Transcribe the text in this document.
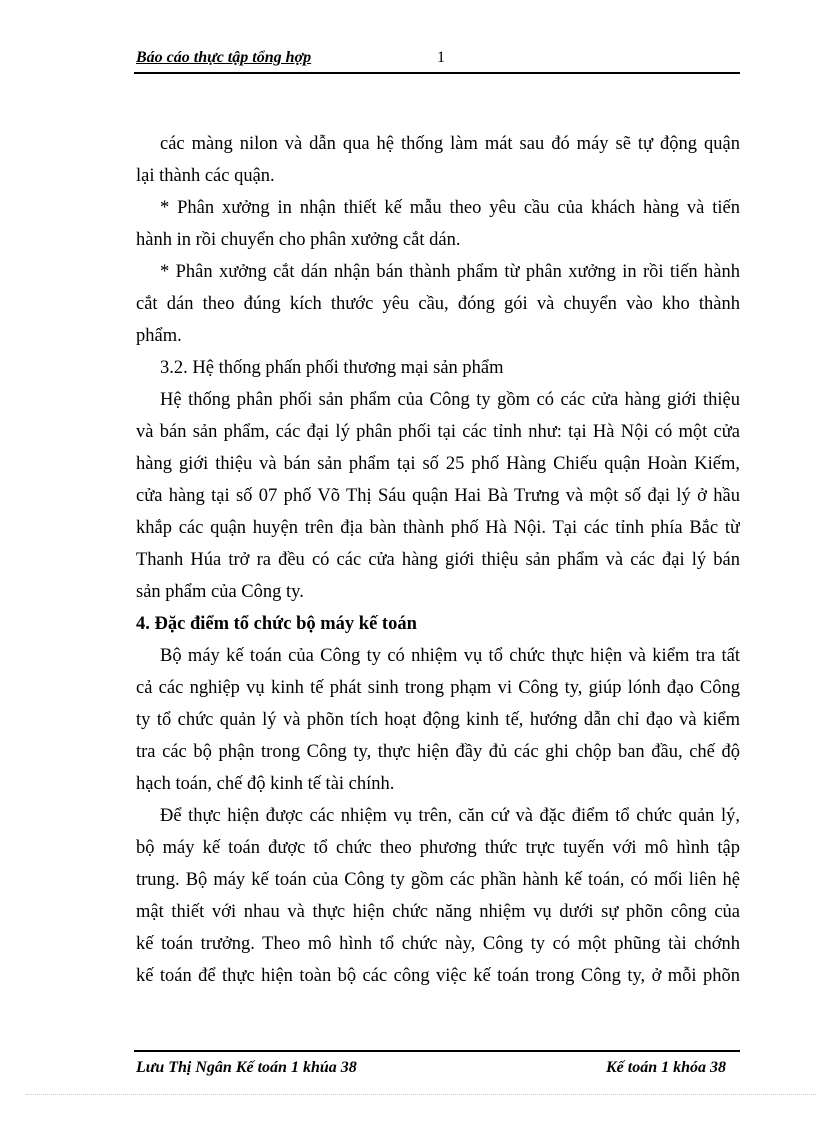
Báo cáo thực tập tổng hợp	1
các màng nilon và dẫn qua hệ thống làm mát sau đó máy sẽ tự động quận
lại thành các quận.
* Phân xưởng in nhận thiết kế mẫu theo yêu cầu của khách hàng và tiến
hành in rồi chuyển cho phân xưởng cắt dán.
* Phân xưởng cắt dán nhận bán thành phẩm từ phân xưởng in rồi tiến hành
cắt dán theo đúng kích thước yêu cầu, đóng gói và chuyển vào kho thành
phẩm.
3.2. Hệ thống phấn phối thương mại sản phẩm
Hệ thống phân phối sản phẩm của Công ty gồm có các cửa hàng giới thiệu
và bán sản phẩm, các đại lý phân phối tại các tỉnh như: tại Hà Nội có một cửa
hàng giới thiệu và bán sản phẩm tại số 25 phố Hàng Chiếu quận Hoàn Kiếm,
cửa hàng tại số 07 phố Võ Thị Sáu quận Hai Bà Trưng và một số đại lý ở hầu
khắp các quận huyện trên địa bàn thành phố Hà Nội. Tại các tỉnh phía Bắc từ
Thanh Húa trở ra đều có các cửa hàng giới thiệu sản phẩm và các đại lý bán
sản phẩm của Công ty.
4. Đặc điểm tổ chức bộ máy kế toán
Bộ máy kế toán của Công ty có nhiệm vụ tổ chức thực hiện và kiểm tra tất
cả các nghiệp vụ kinh tế phát sinh trong phạm vi Công ty, giúp lónh đạo Công
ty tổ chức quản lý và phõn tích hoạt động kinh tế, hướng dẫn chỉ đạo và kiểm
tra các bộ phận trong Công ty, thực hiện đầy đủ các ghi chộp ban đầu, chế độ
hạch toán, chế độ kinh tế tài chính.
Để thực hiện được các nhiệm vụ trên, căn cứ và đặc điểm tổ chức quản lý,
bộ máy kế toán được tổ chức theo phương thức trực tuyến với mô hình tập
trung. Bộ máy kế toán của Công ty gồm các phần hành kế toán, có mối liên hệ
mật thiết với nhau và thực hiện chức năng nhiệm vụ dưới sự phõn công của
kế toán trưởng. Theo mô hình tổ chức này, Công ty có một phũng tài chớnh
kế toán để thực hiện toàn bộ các công việc kế toán trong Công ty, ở mỗi phõn
Lưu Thị Ngân Kế toán 1 khúa 38	Kế toán 1 khóa 38
